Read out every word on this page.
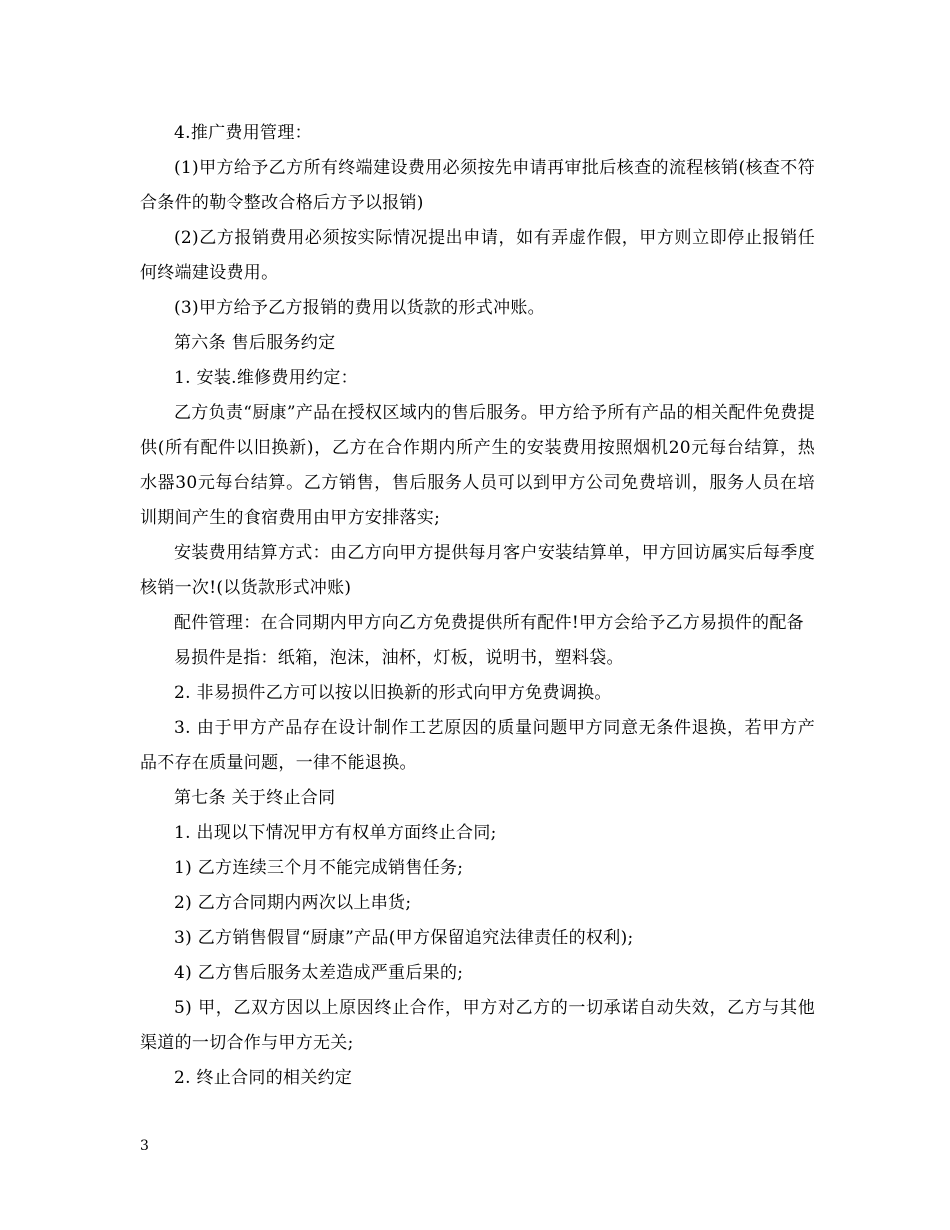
4.推广费用管理：

(1)甲方给予乙方所有终端建设费用必须按先申请再审批后核查的流程核销(核查不符合条件的勒令整改合格后方予以报销)

(2)乙方报销费用必须按实际情况提出申请，如有弄虚作假，甲方则立即停止报销任何终端建设费用。

(3)甲方给予乙方报销的费用以货款的形式冲账。

第六条 售后服务约定

1. 安装.维修费用约定：

乙方负责“厨康”产品在授权区域内的售后服务。甲方给予所有产品的相关配件免费提供(所有配件以旧换新)，乙方在合作期内所产生的安装费用按照烟机20元每台结算，热水器30元每台结算。乙方销售，售后服务人员可以到甲方公司免费培训，服务人员在培训期间产生的食宿费用由甲方安排落实;

安装费用结算方式：由乙方向甲方提供每月客户安装结算单，甲方回访属实后每季度核销一次!(以货款形式冲账)

配件管理：在合同期内甲方向乙方免费提供所有配件!甲方会给予乙方易损件的配备

易损件是指：纸箱，泡沫，油杯，灯板，说明书，塑料袋。

2. 非易损件乙方可以按以旧换新的形式向甲方免费调换。

3. 由于甲方产品存在设计制作工艺原因的质量问题甲方同意无条件退换，若甲方产品不存在质量问题，一律不能退换。

第七条 关于终止合同

1. 出现以下情况甲方有权单方面终止合同;

1) 乙方连续三个月不能完成销售任务;

2) 乙方合同期内两次以上串货;

3) 乙方销售假冒“厨康”产品(甲方保留追究法律责任的权利);

4) 乙方售后服务太差造成严重后果的;

5) 甲，乙双方因以上原因终止合作，甲方对乙方的一切承诺自动失效，乙方与其他渠道的一切合作与甲方无关;

2. 终止合同的相关约定

3
